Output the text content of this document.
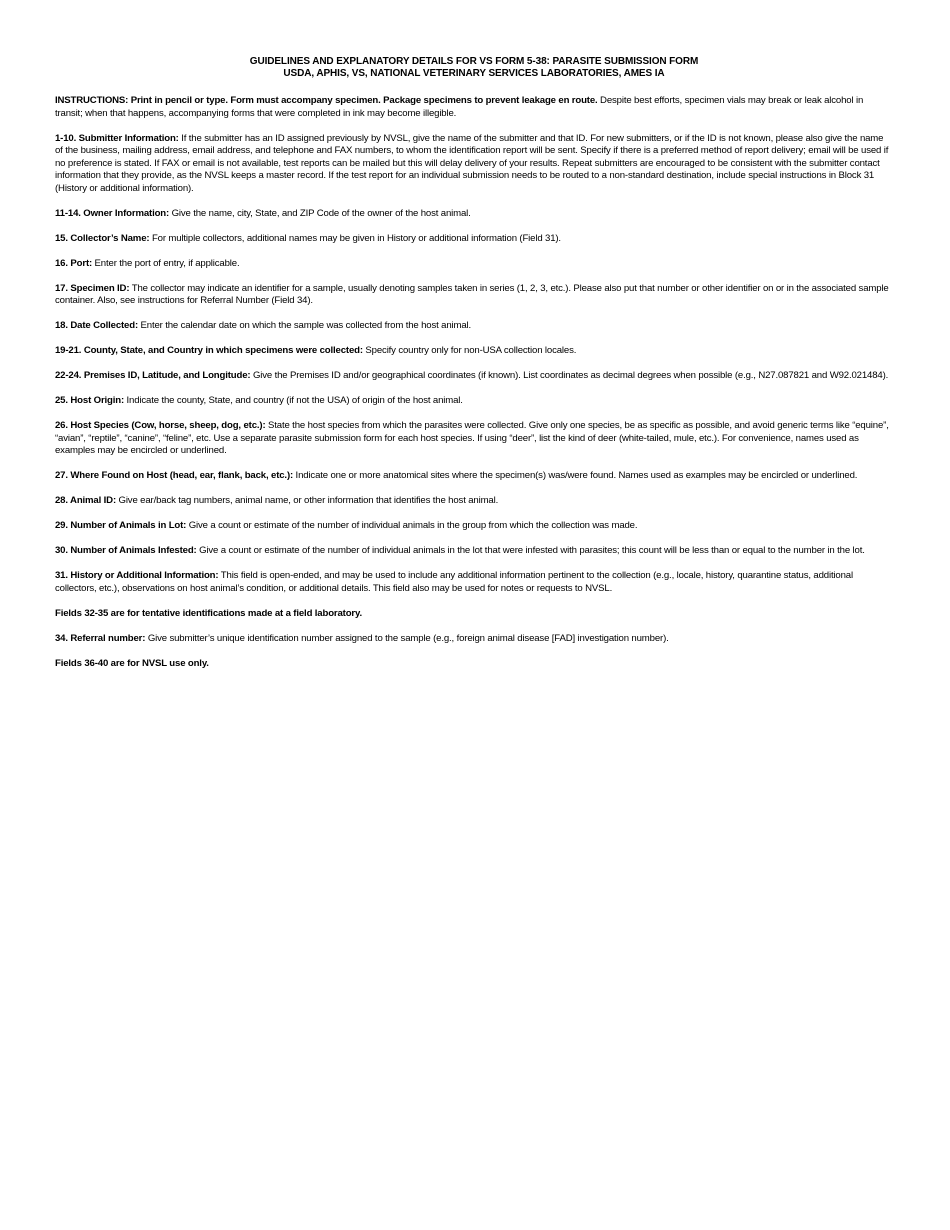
GUIDELINES AND EXPLANATORY DETAILS FOR VS FORM 5-38: PARASITE SUBMISSION FORM
USDA, APHIS, VS, NATIONAL VETERINARY SERVICES LABORATORIES, AMES IA

INSTRUCTIONS: Print in pencil or type. Form must accompany specimen. Package specimens to prevent leakage en route. Despite best efforts, specimen vials may break or leak alcohol in transit; when that happens, accompanying forms that were completed in ink may become illegible.

1-10. Submitter Information: If the submitter has an ID assigned previously by NVSL, give the name of the submitter and that ID. For new submitters, or if the ID is not known, please also give the name of the business, mailing address, email address, and telephone and FAX numbers, to whom the identification report will be sent. Specify if there is a preferred method of report delivery; email will be used if no preference is stated. If FAX or email is not available, test reports can be mailed but this will delay delivery of your results. Repeat submitters are encouraged to be consistent with the submitter contact information that they provide, as the NVSL keeps a master record. If the test report for an individual submission needs to be routed to a non-standard destination, include special instructions in Block 31 (History or additional information).

11-14. Owner Information: Give the name, city, State, and ZIP Code of the owner of the host animal.

15. Collector’s Name: For multiple collectors, additional names may be given in History or additional information (Field 31).

16. Port: Enter the port of entry, if applicable.

17. Specimen ID: The collector may indicate an identifier for a sample, usually denoting samples taken in series (1, 2, 3, etc.). Please also put that number or other identifier on or in the associated sample container. Also, see instructions for Referral Number (Field 34).

18. Date Collected: Enter the calendar date on which the sample was collected from the host animal.

19-21. County, State, and Country in which specimens were collected: Specify country only for non-USA collection locales.

22-24. Premises ID, Latitude, and Longitude: Give the Premises ID and/or geographical coordinates (if known). List coordinates as decimal degrees when possible (e.g., N27.087821 and W92.021484).

25. Host Origin: Indicate the county, State, and country (if not the USA) of origin of the host animal.

26. Host Species (Cow, horse, sheep, dog, etc.): State the host species from which the parasites were collected. Give only one species, be as specific as possible, and avoid generic terms like “equine”, “avian”, “reptile”, “canine”, “feline”, etc. Use a separate parasite submission form for each host species. If using “deer”, list the kind of deer (white-tailed, mule, etc.). For convenience, names used as examples may be encircled or underlined.

27. Where Found on Host (head, ear, flank, back, etc.): Indicate one or more anatomical sites where the specimen(s) was/were found. Names used as examples may be encircled or underlined.

28. Animal ID: Give ear/back tag numbers, animal name, or other information that identifies the host animal.

29. Number of Animals in Lot: Give a count or estimate of the number of individual animals in the group from which the collection was made.

30. Number of Animals Infested: Give a count or estimate of the number of individual animals in the lot that were infested with parasites; this count will be less than or equal to the number in the lot.

31. History or Additional Information: This field is open-ended, and may be used to include any additional information pertinent to the collection (e.g., locale, history, quarantine status, additional collectors, etc.), observations on host animal’s condition, or additional details. This field also may be used for notes or requests to NVSL.

Fields 32-35 are for tentative identifications made at a field laboratory.

34. Referral number: Give submitter’s unique identification number assigned to the sample (e.g., foreign animal disease [FAD] investigation number).

Fields 36-40 are for NVSL use only.
